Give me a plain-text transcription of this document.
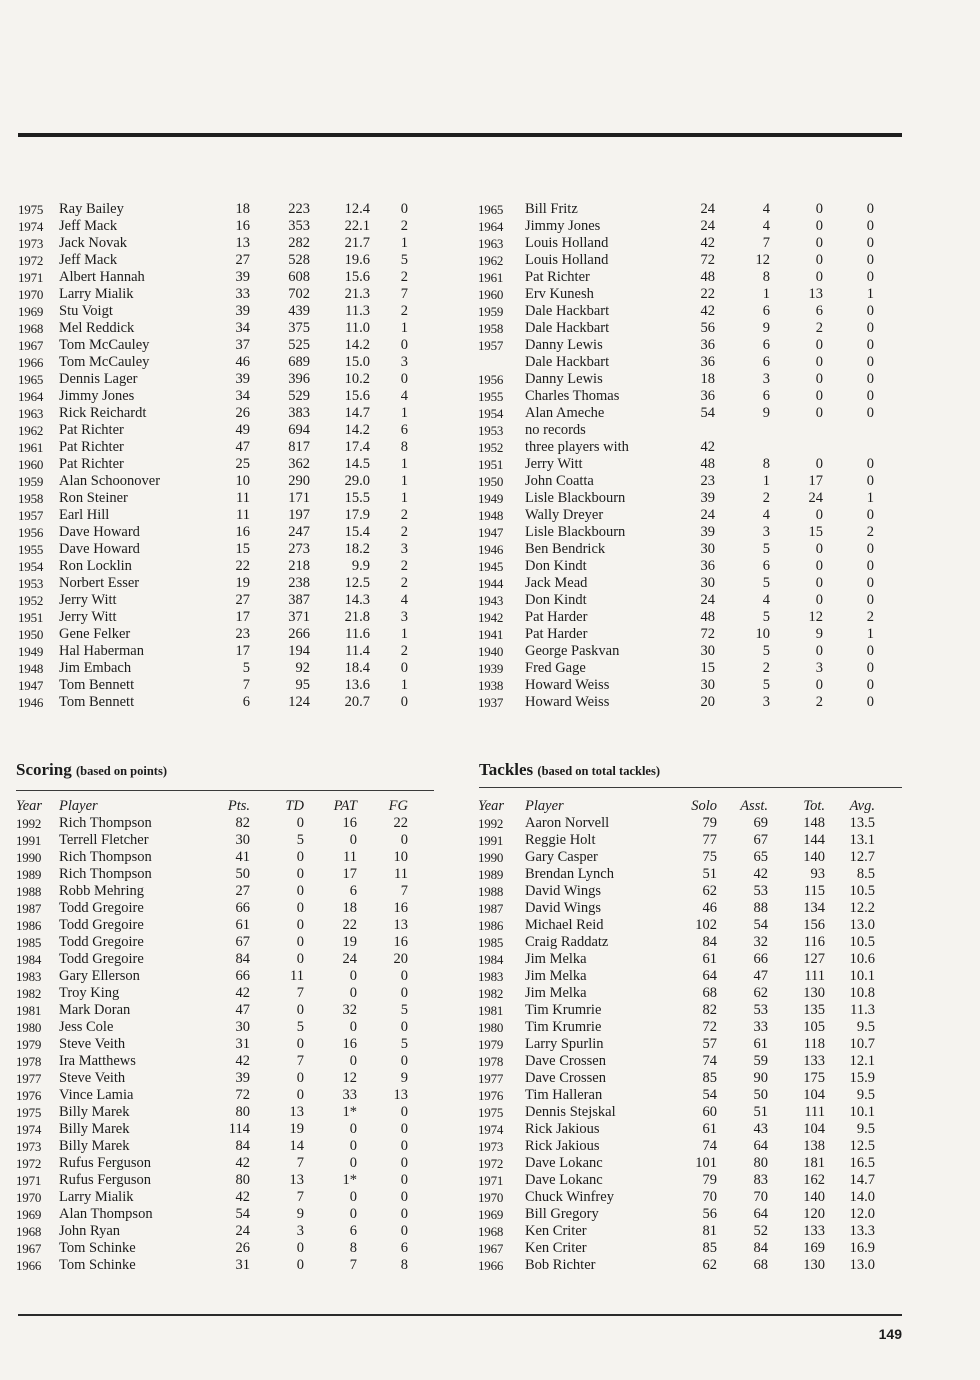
1975 Ray Bailey	18	223 12.4 0
1974 Jeff Mack	16	353 22.1 2
1973 Jack Novak	13	282 21.7 1
1972 Jeff Mack	27	528 19.6 5
1971 Albert Hannah	39	608 15.6 2
1970 Larry Mialik	33	702 21.3 7
1969 Stu Voigt	39	439 11.3 2
1968 Mel Reddick	34	375 11.0 1
1967 Tom McCauley	37	525 14.2 0
1966 Tom McCauley	46	689 15.0 3
1965 Dennis Lager	39	396 10.2 0
1964 Jimmy Jones	34	529 15.6 4
1963 Rick Reichardt	26	383 14.7 1
1962 Pat Richter	49	694 14.2 6
1961 Pat Richter	47	817 17.4 8
1960 Pat Richter	25	362 14.5 1
1959 Alan Schoonover	10	290 29.0 1
1958 Ron Steiner	11	171 15.5 1
1957 Earl Hill	11	197 17.9 2
1956 Dave Howard	16	247 15.4 2
1955 Dave Howard	15	273 18.2 3
1954 Ron Locklin	22	218	9.9 2
1953 Norbert Esser	19	238 12.5 2
1952 Jerry Witt	27	387 14.3 4
1951 Jerry Witt	17	371 21.8 3
1950 Gene Felker	23	266 11.6 1
1949 Hal Haberman	17	194 11.4 2
1948 Jim Embach	5	92 18.4 0
1947 Tom Bennett	7	95 13.6 1
1946 Tom Bennett	6	124 20.7 0
1965 Bill Fritz	24	4	0	0
1964 Jimmy Jones	24	4	0	0
1963 Louis Holland	42	7	0	0
1962 Louis Holland	72	12	0	0
1961 Pat Richter	48	8	0	0
1960 Erv Kunesh	22	1	13	1
1959 Dale Hackbart	42	6	6	0
1958 Dale Hackbart	56	9	2	0
1957 Danny Lewis	36	6	0	0
Dale Hackbart	36	6	0	0
1956 Danny Lewis	18	3	0	0
1955 Charles Thomas	36	6	0	0
1954 Alan Ameche	54	9	0	0
1953 no records
1952 three players with	42
1951 Jerry Witt	48	8	0	0
1950 John Coatta	23	1	17	0
1949 Lisle Blackbourn	39	2	24	1
1948 Wally Dreyer	24	4	0	0
1947 Lisle Blackbourn	39	3	15	2
1946 Ben Bendrick	30	5	0	0
1945 Don Kindt	36	6	0	0
1944 Jack Mead	30	5	0	0
1943 Don Kindt	24	4	0	0
1942 Pat Harder	48	5	12	2
1941 Pat Harder	72	10	9	1
1940 George Paskvan	30	5	0	0
1939 Fred Gage	15	2	3	0
1938 Howard Weiss	30	5	0	0
1937 Howard Weiss	20	3	2	0
Scoring (based on points)	Tackles (based on total tackles)
Year Player	Pts. TD PAT FG
1992 Rich Thompson	82	0	16	22
1991 Terrell Fletcher	30	5	0	0
1990 Rich Thompson	41	0	11	10
1989 Rich Thompson	50	0	17	11
1988 Robb Mehring	27	0	6	7
1987 Todd Gregoire	66	0	18	16
1986 Todd Gregoire	61	0	22	13
1985 Todd Gregoire	67	0	19	16
1984 Todd Gregoire	84	0	24	20
1983 Gary Ellerson	66	11	0	0
1982 Troy King	42	7	0	0
1981 Mark Doran	47	0	32	5
1980 Jess Cole	30	5	0	0
1979 Steve Veith	31	0	16	5
1978 Ira Matthews	42	7	0	0
1977 Steve Veith	39	0	12	9
1976 Vince Lamia	72	0	33	13
1975 Billy Marek	80	13	1*	0
1974 Billy Marek	114	19	0	0
1973 Billy Marek	84	14	0	0
1972 Rufus Ferguson	42	7	0	0
1971 Rufus Ferguson	80	13	1*	0
1970 Larry Mialik	42	7	0	0
1969 Alan Thompson	54	9	0	0
1968 John Ryan	24	3	6	0
1967 Tom Schinke	26	0	8	6
1966 Tom Schinke	31	0	7	8
Year Player	Solo Asst. Tot. Avg.
1992 Aaron Norvell	79	69 148 13.5
1991 Reggie Holt	77	67 144 13.1
1990 Gary Casper	75	65 140 12.7
1989 Brendan Lynch	51	42	93 8.5
1988 David Wings	62	53 115 10.5
1987 David Wings	46	88 134 12.2
1986 Michael Reid	102	54 156 13.0
1985 Craig Raddatz	84	32 116 10.5
1984 Jim Melka	61	66 127 10.6
1983 Jim Melka	64	47	111 10.1
1982 Jim Melka	68	62 130 10.8
1981 Tim Krumrie	82	53 135 11.3
1980 Tim Krumrie	72	33 105 9.5
1979 Larry Spurlin	57	61 118 10.7
1978 Dave Crossen	74	59 133 12.1
1977 Dave Crossen	85	90 175 15.9
1976 Tim Halleran	54	50 104 9.5
1975 Dennis Stejskal	60	51	111 10.1
1974 Rick Jakious	61	43 104 9.5
1973 Rick Jakious	74	64 138 12.5
1972 Dave Lokanc	101	80 181 16.5
1971 Dave Lokanc	79	83 162 14.7
1970 Chuck Winfrey	70	70 140 14.0
1969 Bill Gregory	56	64 120 12.0
1968 Ken Criter	81	52 133 13.3
1967 Ken Criter	85	84 169 16.9
1966 Bob Richter	62	68 130 13.0
149
